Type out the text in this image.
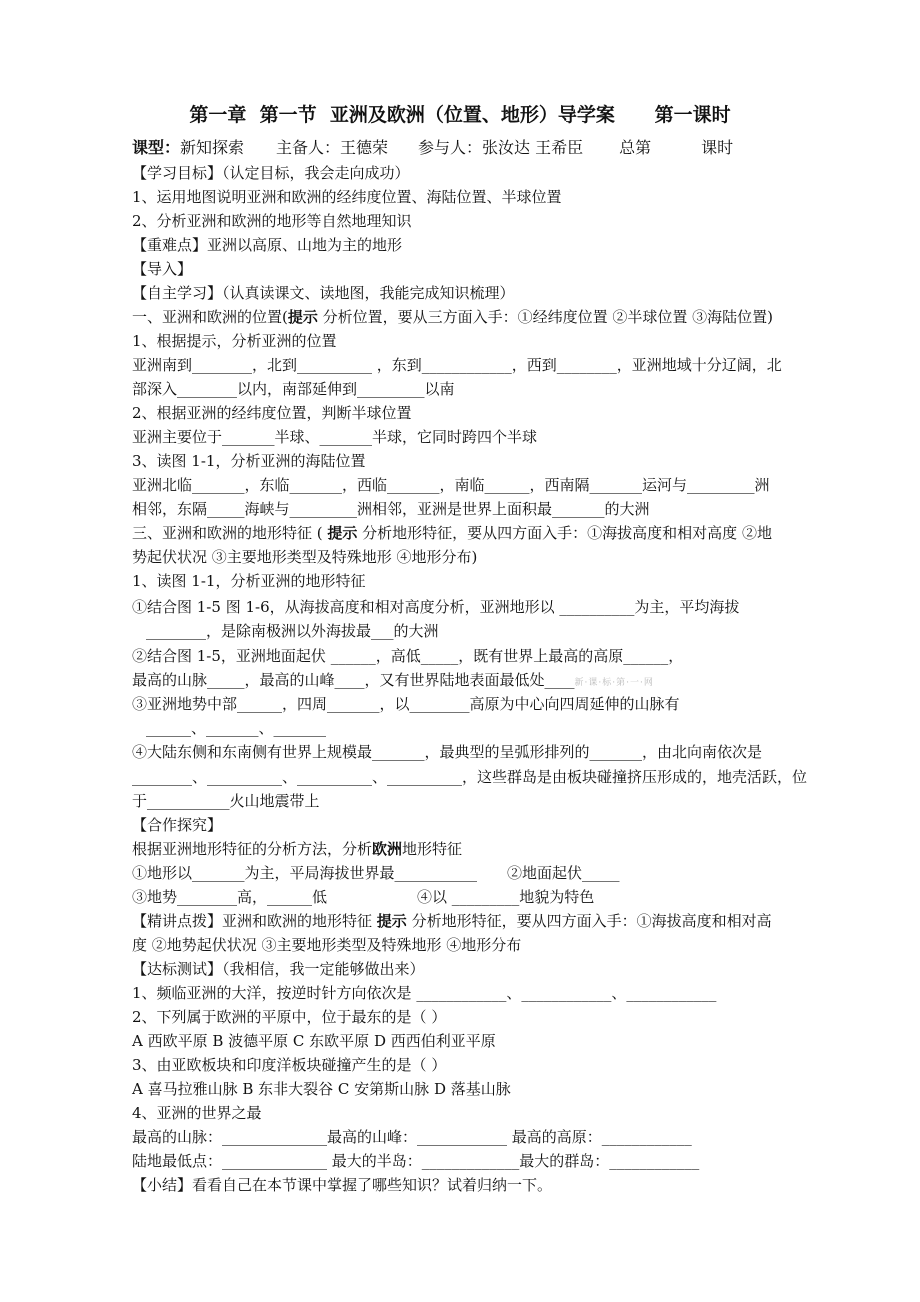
第一章  第一节  亚洲及欧洲（位置、地形）导学案      第一课时
课型：新知探索 主备人：王德荣 参与人：张汝达 王希臣 总第	课时
【学习目标】（认定目标，我会走向成功）
1、运用地图说明亚洲和欧洲的经纬度位置、海陆位置、半球位置
2、分析亚洲和欧洲的地形等自然地理知识
【重难点】亚洲以高原、山地为主的地形
【导入】
【自主学习】（认真读课文、读地图，我能完成知识梳理）
一、亚洲和欧洲的位置(提示 分析位置，要从三方面入手：①经纬度位置 ②半球位置 ③海陆位置)
1、根据提示，分析亚洲的位置
亚洲南到________，北到__________ ，东到____________，西到________，亚洲地域十分辽阔，北
部深入________以内，南部延伸到_________以南
2、根据亚洲的经纬度位置，判断半球位置
亚洲主要位于_______半球、_______半球，它同时跨四个半球
3、读图 1-1，分析亚洲的海陆位置
亚洲北临_______，东临_______，西临_______，南临______，西南隔_______运河与_________洲
相邻，东隔_____海峡与_________洲相邻，亚洲是世界上面积最_______的大洲
三、亚洲和欧洲的地形特征 ( 提示 分析地形特征，要从四方面入手：①海拔高度和相对高度 ②地
势起伏状况 ③主要地形类型及特殊地形 ④地形分布)
1、读图 1-1，分析亚洲的地形特征
①结合图 1-5 图 1-6，从海拔高度和相对高度分析，亚洲地形以 __________为主，平均海拔
________，是除南极洲以外海拔最___的大洲
②结合图 1-5，亚洲地面起伏 ______，高低_____，既有世界上最高的高原______，
最高的山脉_____，最高的山峰____，又有世界陆地表面最低处____新·课·标·第·一·网
③亚洲地势中部______，四周_______，以________高原为中心向四周延伸的山脉有
______、_______、_______
④大陆东侧和东南侧有世界上规模最_______，最典型的呈弧形排列的_______，由北向南依次是
________、__________、__________、__________，这些群岛是由板块碰撞挤压形成的，地壳活跃，位
于___________火山地震带上
【合作探究】
根据亚洲地形特征的分析方法，分析欧洲地形特征
①地形以_______为主，平局海拔世界最___________ ②地面起伏_____
③地势________高，______低	④以 _________地貌为特色
【精讲点拨】亚洲和欧洲的地形特征 提示 分析地形特征，要从四方面入手：①海拔高度和相对高
度 ②地势起伏状况 ③主要地形类型及特殊地形 ④地形分布
【达标测试】（我相信，我一定能够做出来）
1、频临亚洲的大洋，按逆时针方向依次是 ____________、____________、____________
2、下列属于欧洲的平原中，位于最东的是（ ）
A 西欧平原 B 波德平原 C 东欧平原 D 西西伯利亚平原
3、由亚欧板块和印度洋板块碰撞产生的是（ ）
A 喜马拉雅山脉 B 东非大裂谷 C 安第斯山脉 D 落基山脉
4、亚洲的世界之最
最高的山脉：______________最高的山峰：____________ 最高的高原：____________
陆地最低点：______________ 最大的半岛：_____________最大的群岛：____________
【小结】看看自己在本节课中掌握了哪些知识？试着归纳一下。
